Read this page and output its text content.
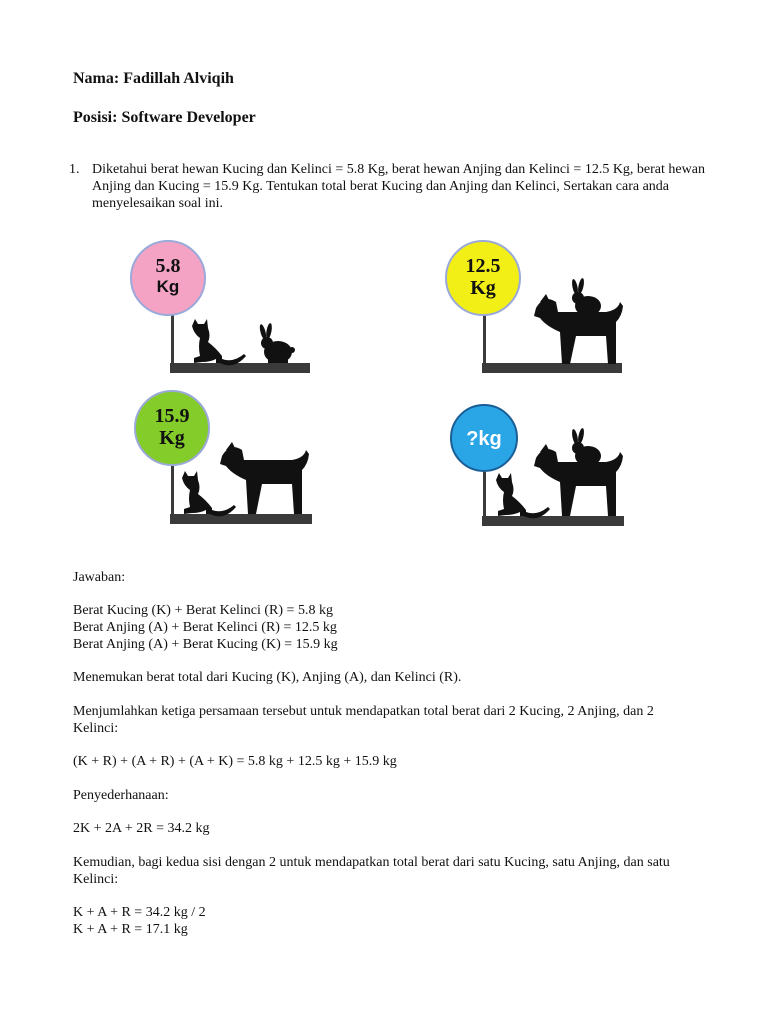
Nama: Fadillah Alviqih
Posisi: Software Developer
1. Diketahui berat hewan Kucing dan Kelinci = 5.8 Kg, berat hewan Anjing dan Kelinci = 12.5 Kg, berat hewan Anjing dan Kucing = 15.9 Kg. Tentukan total berat Kucing dan Anjing dan Kelinci, Sertakan cara anda menyelesaikan soal ini.
5.8
Kg
12.5
Kg
15.9
Kg	?kg

Jawaban:

Berat Kucing (K) + Berat Kelinci (R) = 5.8 kg

Berat Anjing (A) + Berat Kelinci (R) = 12.5 kg

Berat Anjing (A) + Berat Kucing (K) = 15.9 kg

Menemukan berat total dari Kucing (K), Anjing (A), dan Kelinci (R).

Menjumlahkan ketiga persamaan tersebut untuk mendapatkan total berat dari 2 Kucing, 2 Anjing, dan 2 Kelinci:

(K + R) + (A + R) + (A + K) = 5.8 kg + 12.5 kg + 15.9 kg

Penyederhanaan:

2K + 2A + 2R = 34.2 kg

Kemudian, bagi kedua sisi dengan 2 untuk mendapatkan total berat dari satu Kucing, satu Anjing, dan satu Kelinci:

K + A + R = 34.2 kg / 2

K + A + R = 17.1 kg
